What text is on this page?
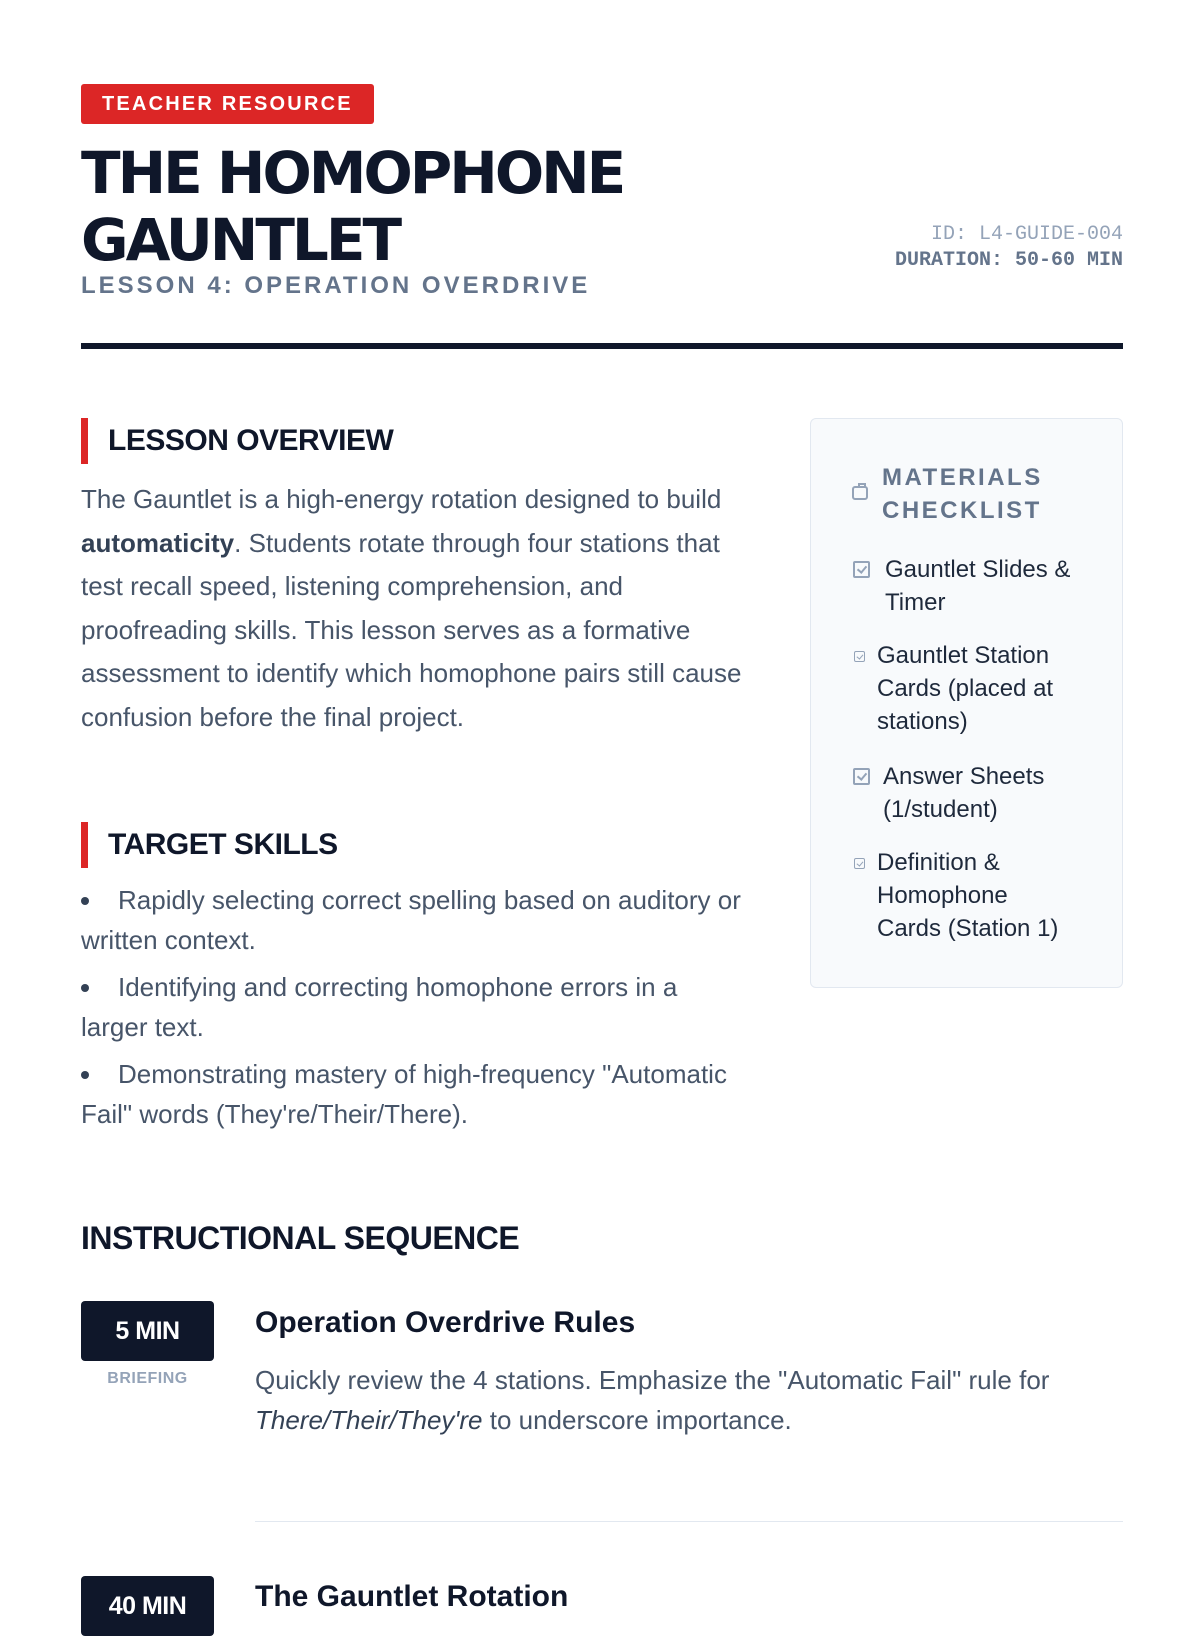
TEACHER RESOURCE
THE HOMOPHONE GAUNTLET
LESSON 4: OPERATION OVERDRIVE
ID: L4-GUIDE-004
DURATION: 50-60 MIN
LESSON OVERVIEW

The Gauntlet is a high-energy rotation designed to build automaticity. Students rotate through four stations that test recall speed, listening comprehension, and proofreading skills. This lesson serves as a formative assessment to identify which homophone pairs still cause confusion before the final project.

TARGET SKILLS
Rapidly selecting correct spelling based on auditory or written context.
Identifying and correcting homophone errors in a larger text.
Demonstrating mastery of high-frequency "Automatic Fail" words (They're/Their/There).
MATERIALS CHECKLIST
Gauntlet Slides & Timer
Gauntlet Station Cards (placed at stations)
Answer Sheets (1/student)
Definition & Homophone Cards (Station 1)
INSTRUCTIONAL SEQUENCE
5 MIN
BRIEFING
Operation Overdrive Rules

Quickly review the 4 stations. Emphasize the "Automatic Fail" rule for There/Their/They're to underscore importance.

40 MIN	The Gauntlet Rotation
